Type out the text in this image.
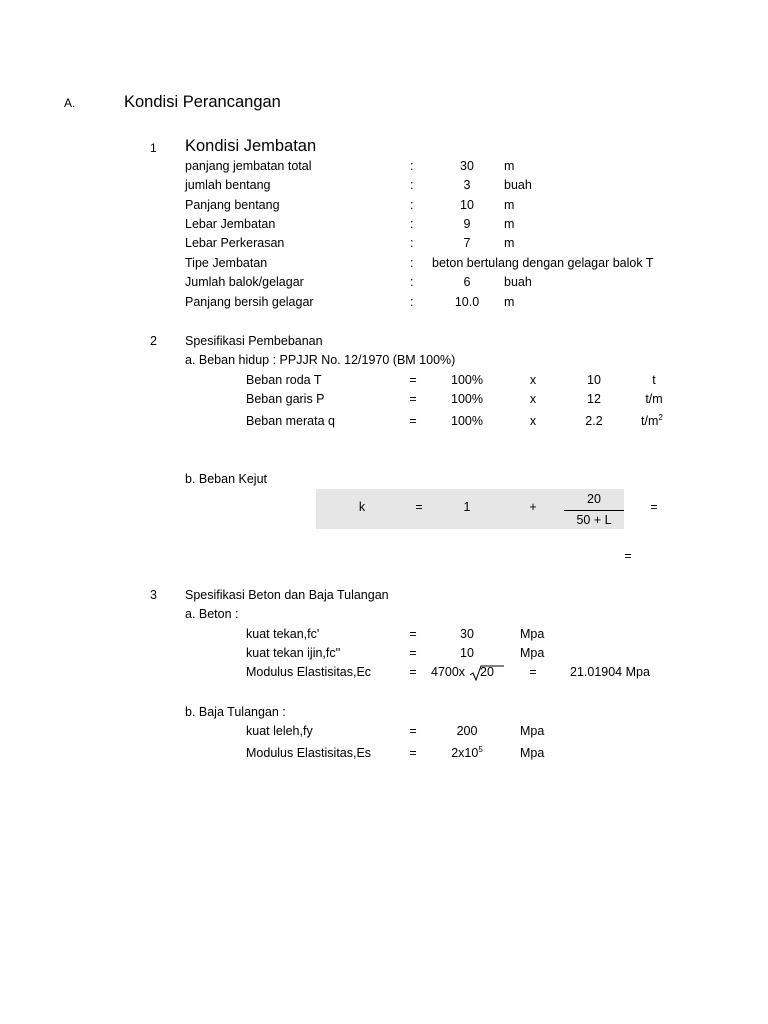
A.	Kondisi Perancangan
1 Kondisi Jembatan
panjang jembatan total	:	30 m
jumlah bentang	:	3	buah
Panjang bentang	:	10 m
Lebar Jembatan	:	9	m
Lebar Perkerasan	:	7	m
Tipe Jembatan	: beton bertulang dengan gelagar balok T
Jumlah balok/gelagar	:	6	buah
Panjang bersih gelagar	:	10.0 m
2 Spesifikasi Pembebanan
a. Beban hidup : PPJJR No. 12/1970 (BM 100%)
Beban roda T	=	100%	x	10	t
Beban garis P	=	100%	x	12	t/m
Beban merata q	=	100%	x	2.2	$t/m^2$
b. Beban Kejut
k	=	1	+
20
50 + L
=
=
3 Spesifikasi Beton dan Baja Tulangan
a. Beton :
kuat tekan,fc'	=	30	Mpa
kuat tekan ijin,fc''	=	10	Mpa
Modulus Elastisitas,Ec	= 4700x 20	=	21.01904 Mpa
b. Baja Tulangan :
kuat leleh,fy	=	200	Mpa
Modulus Elastisitas,Es	=	$2x10^5$	Mpa
